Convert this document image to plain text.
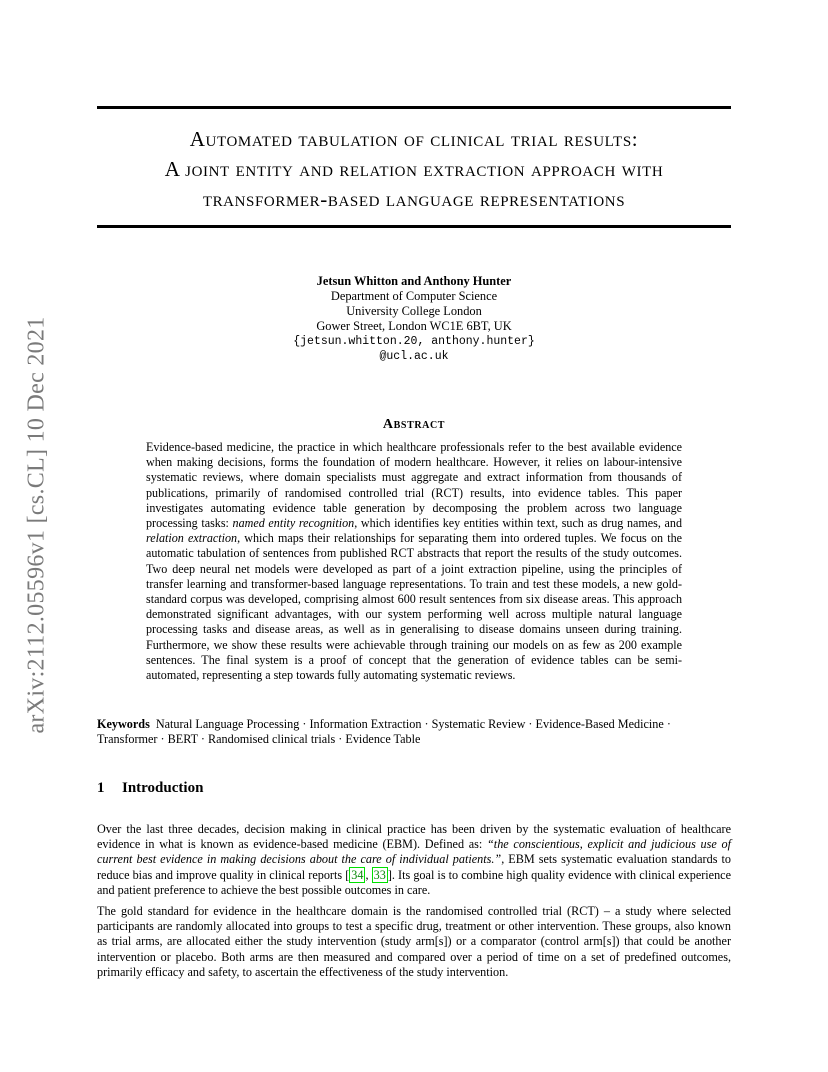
arXiv:2112.05596v1 [cs.CL] 10 Dec 2021
Automated tabulation of clinical trial results:
A joint entity and relation extraction approach with
transformer-based language representations
Jetsun Whitton and Anthony Hunter
Department of Computer Science
University College London
Gower Street, London WC1E 6BT, UK
{jetsun.whitton.20, anthony.hunter}
@ucl.ac.uk
Abstract
Evidence-based medicine, the practice in which healthcare professionals refer to the best available evidence when making decisions, forms the foundation of modern healthcare. However, it relies on labour-intensive systematic reviews, where domain specialists must aggregate and extract information from thousands of publications, primarily of randomised controlled trial (RCT) results, into evidence tables. This paper investigates automating evidence table generation by decomposing the problem across two language processing tasks: named entity recognition, which identifies key entities within text, such as drug names, and relation extraction, which maps their relationships for separating them into ordered tuples. We focus on the automatic tabulation of sentences from published RCT abstracts that report the results of the study outcomes. Two deep neural net models were developed as part of a joint extraction pipeline, using the principles of transfer learning and transformer-based language representations. To train and test these models, a new gold-standard corpus was developed, comprising almost 600 result sentences from six disease areas. This approach demonstrated significant advantages, with our system performing well across multiple natural language processing tasks and disease areas, as well as in generalising to disease domains unseen during training. Furthermore, we show these results were achievable through training our models on as few as 200 example sentences. The final system is a proof of concept that the generation of evidence tables can be semi-automated, representing a step towards fully automating systematic reviews.
Keywords Natural Language Processing · Information Extraction · Systematic Review · Evidence-Based Medicine · Transformer · BERT · Randomised clinical trials · Evidence Table
1 Introduction
Over the last three decades, decision making in clinical practice has been driven by the systematic evaluation of healthcare evidence in what is known as evidence-based medicine (EBM). Defined as: “the conscientious, explicit and judicious use of current best evidence in making decisions about the care of individual patients.”, EBM sets systematic evaluation standards to reduce bias and improve quality in clinical reports [ 34 , 33 ]. Its goal is to combine high quality evidence with clinical experience and patient preference to achieve the best possible outcomes in care.
The gold standard for evidence in the healthcare domain is the randomised controlled trial (RCT) – a study where selected participants are randomly allocated into groups to test a specific drug, treatment or other intervention. These groups, also known as trial arms, are allocated either the study intervention (study arm[s]) or a comparator (control arm[s]) that could be another intervention or placebo. Both arms are then measured and compared over a period of time on a set of predefined outcomes, primarily efficacy and safety, to ascertain the effectiveness of the study intervention.
